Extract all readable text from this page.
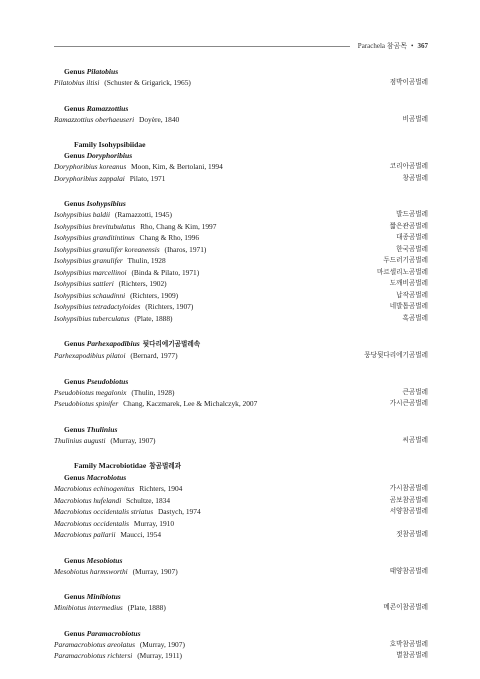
Parachela 참곰목 • 367
Genus Pilatobius
Pilatobius iltisi (Schuster & Grigarick, 1965)	점박이곰벌레
Genus Ramazzottius
Ramazzottius oberhaeuseri Doyère, 1840	비곰벌레
Family Isohypsibiidae
Genus Doryphoribius
Doryphoribius koreanus Moon, Kim, & Bertolani, 1994	코리아곰벌레
Doryphoribius zappalai Pilato, 1971	창곰벌레
Genus Isohypsibius
Isohypsibius baldii (Ramazzotti, 1945)	발드곰벌레
Isohypsibius brevitubulatus Rho, Chang & Kim, 1997	짧은관곰벌레
Isohypsibius granditintinus Chang & Rho, 1996	대종곰벌레
Isohypsibius granulifer koreanensis (Iharos, 1971)	한국곰벌레
Isohypsibius granulifer Thulin, 1928	두드러기곰벌레
Isohypsibius marcellinoi (Binda & Pilato, 1971)	마르셀리노곰벌레
Isohypsibius sattleri (Richters, 1902)	도깨비곰벌레
Isohypsibius schaudinni (Richters, 1909)	납작곰벌레
Isohypsibius tetradactyloides (Richters, 1907)	네발톱곰벌레
Isohypsibius tuberculatus (Plate, 1888)	혹곰벌레
Genus Parhexapodibius 뒷다리에기곰벌레속
Parhexapodibius pilatoi (Bernard, 1977)	뭉당뒷다리에기곰벌레
Genus Pseudobiotus
Pseudobiotus megalonix (Thulin, 1928)	큰곰벌레
Pseudobiotus spinifer Chang, Kaczmarek, Lee & Michalczyk, 2007	가시큰곰벌레
Genus Thulinius
Thulinius augusti (Murray, 1907)	씨곰벌레
Family Macrobiotidae 참곰벌레과
Genus Macrobiotus
Macrobiotus echinogenitus Richters, 1904	가시참곰벌레
Macrobiotus hufelandi Schultze, 1834	곰보참곰벌레
Macrobiotus occidentalis striatus Dastych, 1974	서양참곰벌레
Macrobiotus occidentalis Murray, 1910
Macrobiotus pallarii Maucci, 1954	젓참곰벌레
Genus Mesobiotus
Mesobiotus harmsworthi (Murray, 1907)	태양참곰벌레
Genus Minibiotus
Minibiotus intermedius (Plate, 1888)	메콘이참곰벌레
Genus Paramacrobiotus
Paramacrobiotus areolatus (Murray, 1907)	호박참곰벌레
Paramacrobiotus richtersi (Murray, 1911)	별참곰벌레
